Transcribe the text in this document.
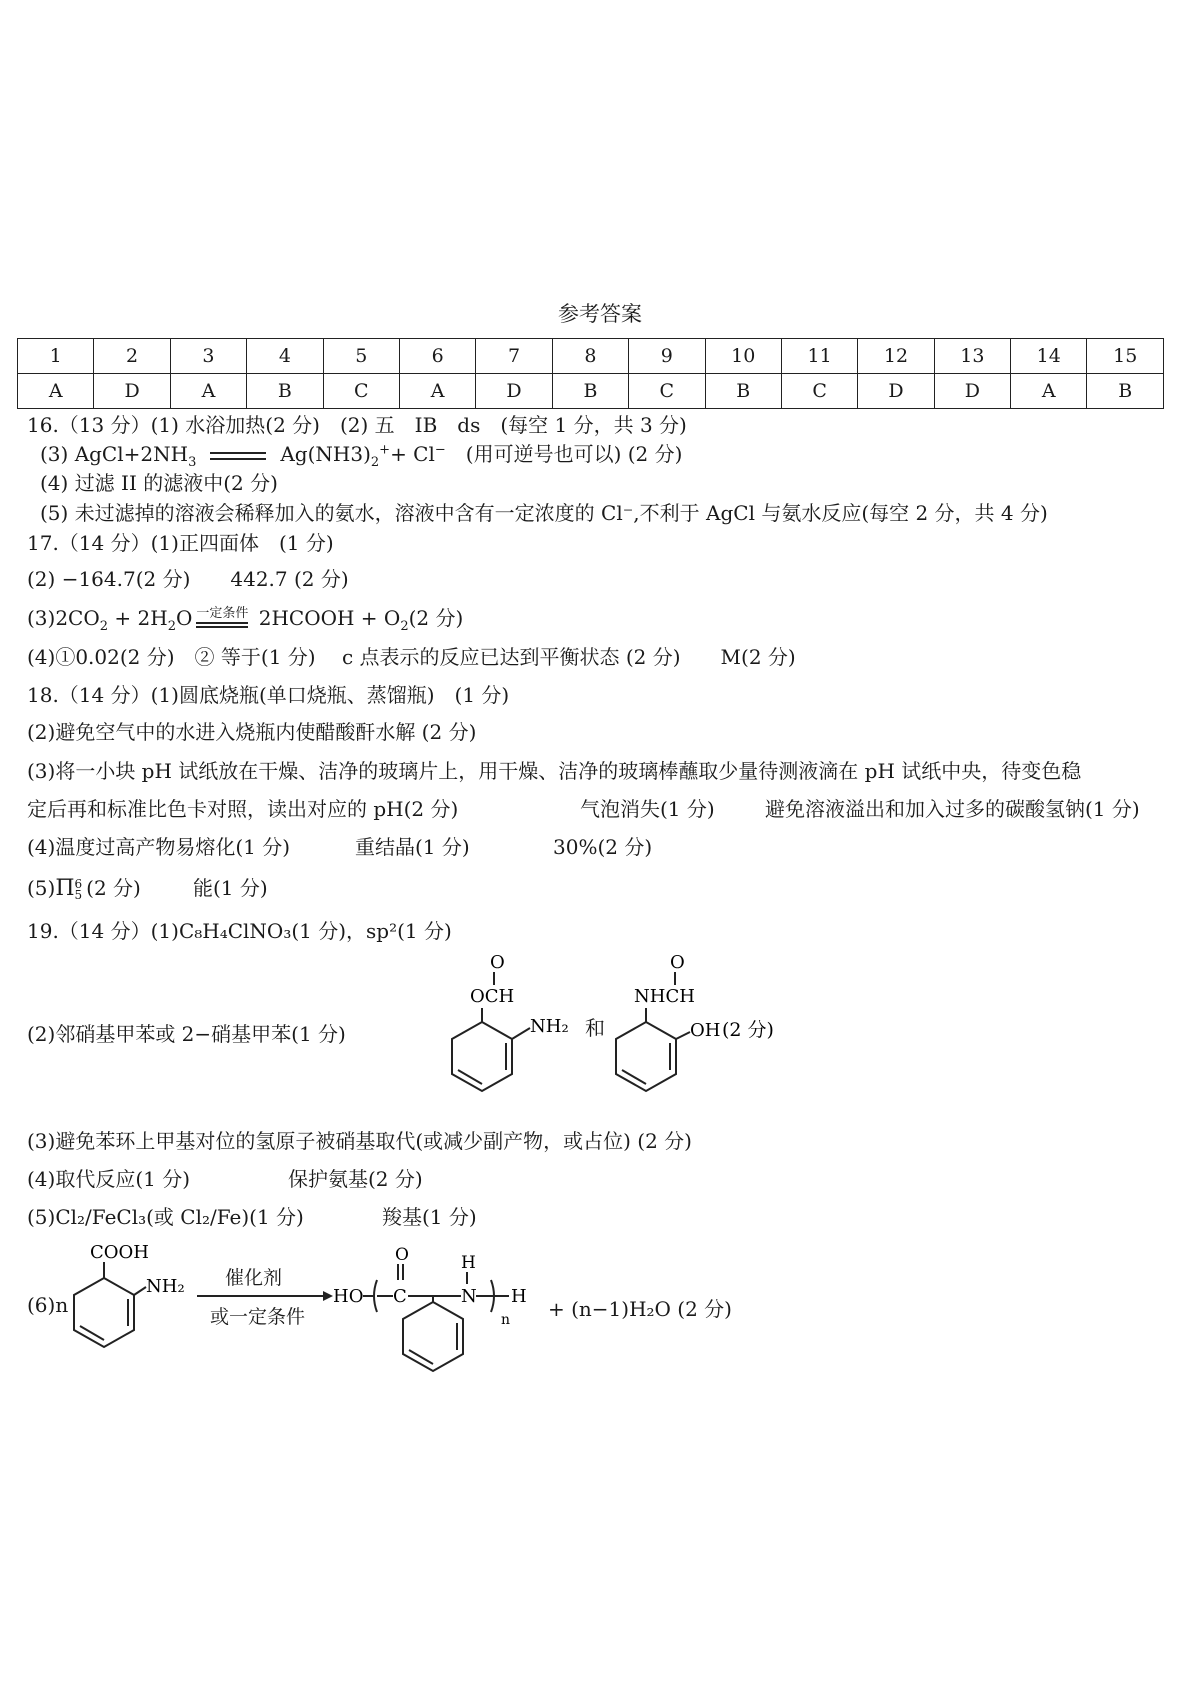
参考答案
1	2	3	4	5	6	7	8	9	10	11	12	13	14	15
A	D	A	B	C	A	D	B	C	B	C	D	D	A	B
16.（13 分）(1) 水浴加热(2 分)　(2) 五　IB　ds　(每空 1 分，共 3 分)
(3) $AgCl+2NH_3$	$Ag(NH3)_2^++ Cl^-$　 (用可逆号也可以) (2 分)
(4) 过滤 II 的滤液中(2 分)
(5) 未过滤掉的溶液会稀释加入的氨水，溶液中含有一定浓度的 Cl⁻,不利于 AgCl 与氨水反应(每空 2 分，共 4 分)
17.（14 分）(1)正四面体　(1 分)
(2) −164.7(2 分)　　442.7 (2 分)
$(3)2CO_2 + 2H_2O$ 一定条件 2HCOOH + $O_2(2$ 分)
(4)①0.02(2 分)　② 等于(1 分)　 c 点表示的反应已达到平衡状态 (2 分)　　M(2 分)
18.（14 分）(1)圆底烧瓶(单口烧瓶、蒸馏瓶)　(1 分)
(2)避免空气中的水进入烧瓶内使醋酸酐水解 (2 分)
(3)将一小块 pH 试纸放在干燥、洁净的玻璃片上，用干燥、洁净的玻璃棒蘸取少量待测液滴在 pH 试纸中央，待变色稳
定后再和标准比色卡对照，读出对应的 pH(2 分)	气泡消失(1 分)	避免溶液溢出和加入过多的碳酸氢钠(1 分)
(4)温度过高产物易熔化(1 分)	重结晶(1 分)	30%(2 分)
(5)Π6
5 (2 分)	能(1 分)
19.（14 分）(1)C₈H₄ClNO₃(1 分)，sp²(1 分)
(2)邻硝基甲苯或 2−硝基甲苯(1 分)
O
OCH
NH₂ 和
O
NHCH
OH (2 分)
(3)避免苯环上甲基对位的氢原子被硝基取代(或减少副产物，或占位) (2 分)
(4)取代反应(1 分)	保护氨基(2 分)
(5)Cl₂/FeCl₃(或 Cl₂/Fe)(1 分)	羧基(1 分)
(6)n
COOH
NH₂ 催化剂
或一定条件
HO
O
C
H
N H
n + (n−1)H₂O (2 分)
